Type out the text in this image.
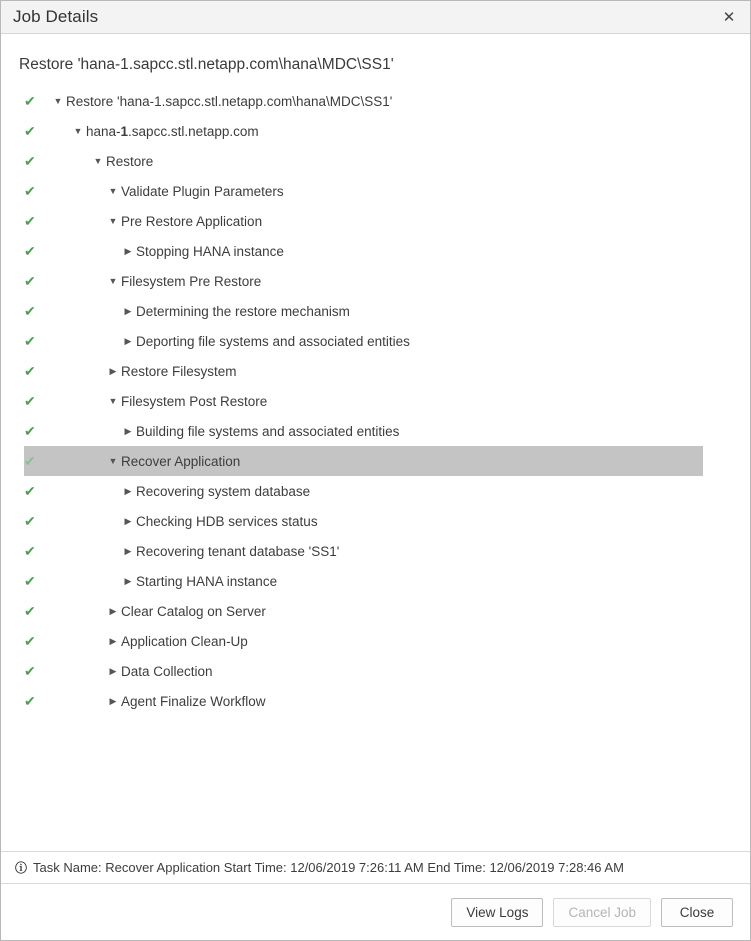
Job Details	✕
Restore 'hana-1.sapcc.stl.netapp.com\hana\MDC\SS1'
✔	▼ Restore 'hana-1.sapcc.stl.netapp.com\hana\MDC\SS1'
✔	▼ hana-1.sapcc.stl.netapp.com
✔	▼ Restore
✔	▼ Validate Plugin Parameters
✔	▼ Pre Restore Application
✔	▶ Stopping HANA instance
✔	▼ Filesystem Pre Restore
✔	▶ Determining the restore mechanism
✔	▶ Deporting file systems and associated entities
✔	▶ Restore Filesystem
✔	▼ Filesystem Post Restore
✔	▶ Building file systems and associated entities
✔	▼ Recover Application
✔	▶ Recovering system database
✔	▶ Checking HDB services status
✔	▶ Recovering tenant database 'SS1'
✔	▶ Starting HANA instance
✔	▶ Clear Catalog on Server
✔	▶ Application Clean-Up
✔	▶ Data Collection
✔	▶ Agent Finalize Workflow
ⓘ Task Name: Recover Application Start Time: 12/06/2019 7:26:11 AM End Time: 12/06/2019 7:28:46 AM
View Logs	Cancel Job	Close
